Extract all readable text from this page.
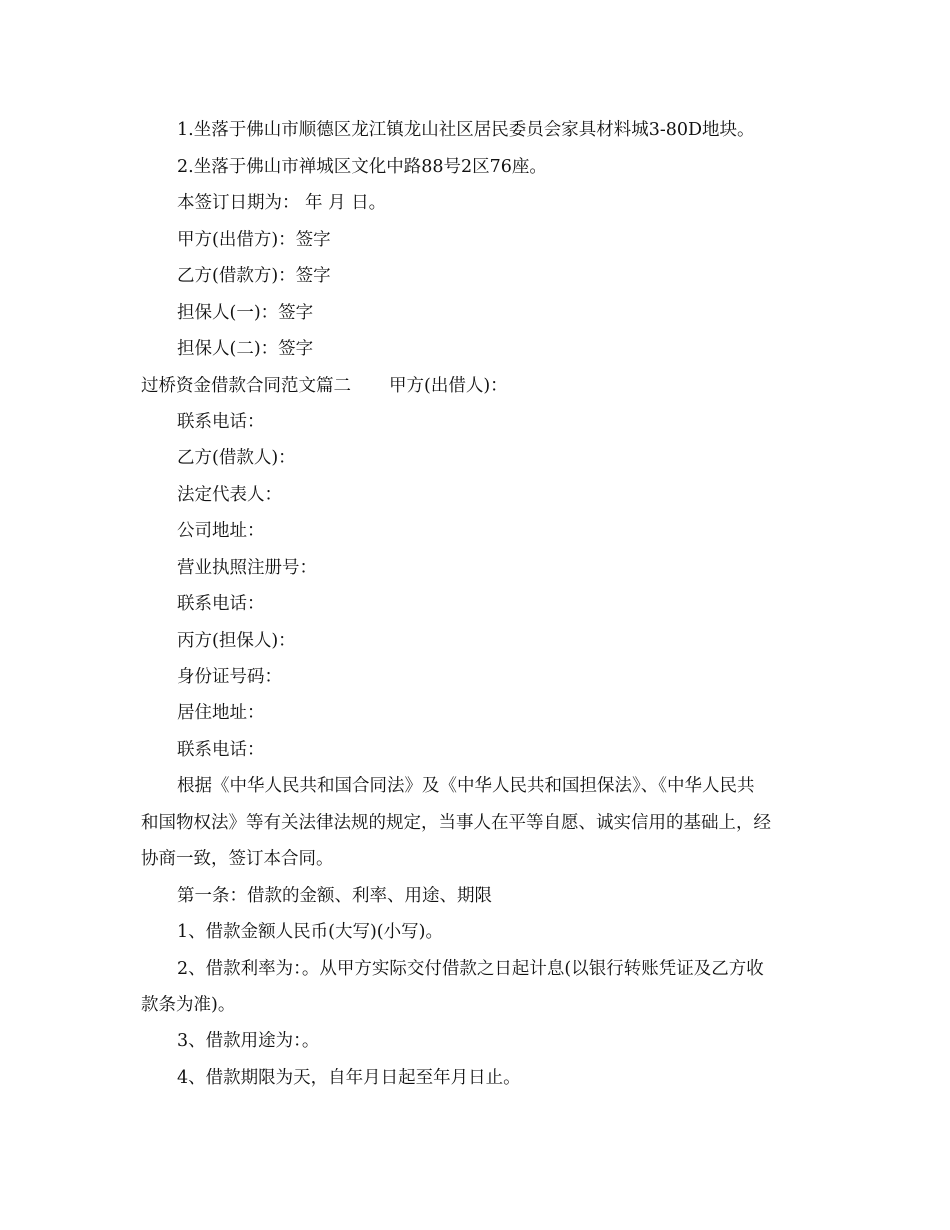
1.坐落于佛山市顺德区龙江镇龙山社区居民委员会家具材料城3-80D地块。
2.坐落于佛山市禅城区文化中路88号2区76座。
本签订日期为： 年 月 日。
甲方(出借方)：签字
乙方(借款方)：签字
担保人(一)：签字
担保人(二)：签字
过桥资金借款合同范文篇二 甲方(出借人)：
联系电话：
乙方(借款人)：
法定代表人：
公司地址：
营业执照注册号：
联系电话：
丙方(担保人)：
身份证号码：
居住地址：
联系电话：
根据《中华人民共和国合同法》及《中华人民共和国担保法》、《中华人民共
和国物权法》等有关法律法规的规定，当事人在平等自愿、诚实信用的基础上，经
协商一致，签订本合同。
第一条：借款的金额、利率、用途、期限
1、借款金额人民币(大写)(小写)。
2、借款利率为：。从甲方实际交付借款之日起计息(以银行转账凭证及乙方收
款条为准)。
3、借款用途为：。
4、借款期限为天，自年月日起至年月日止。
